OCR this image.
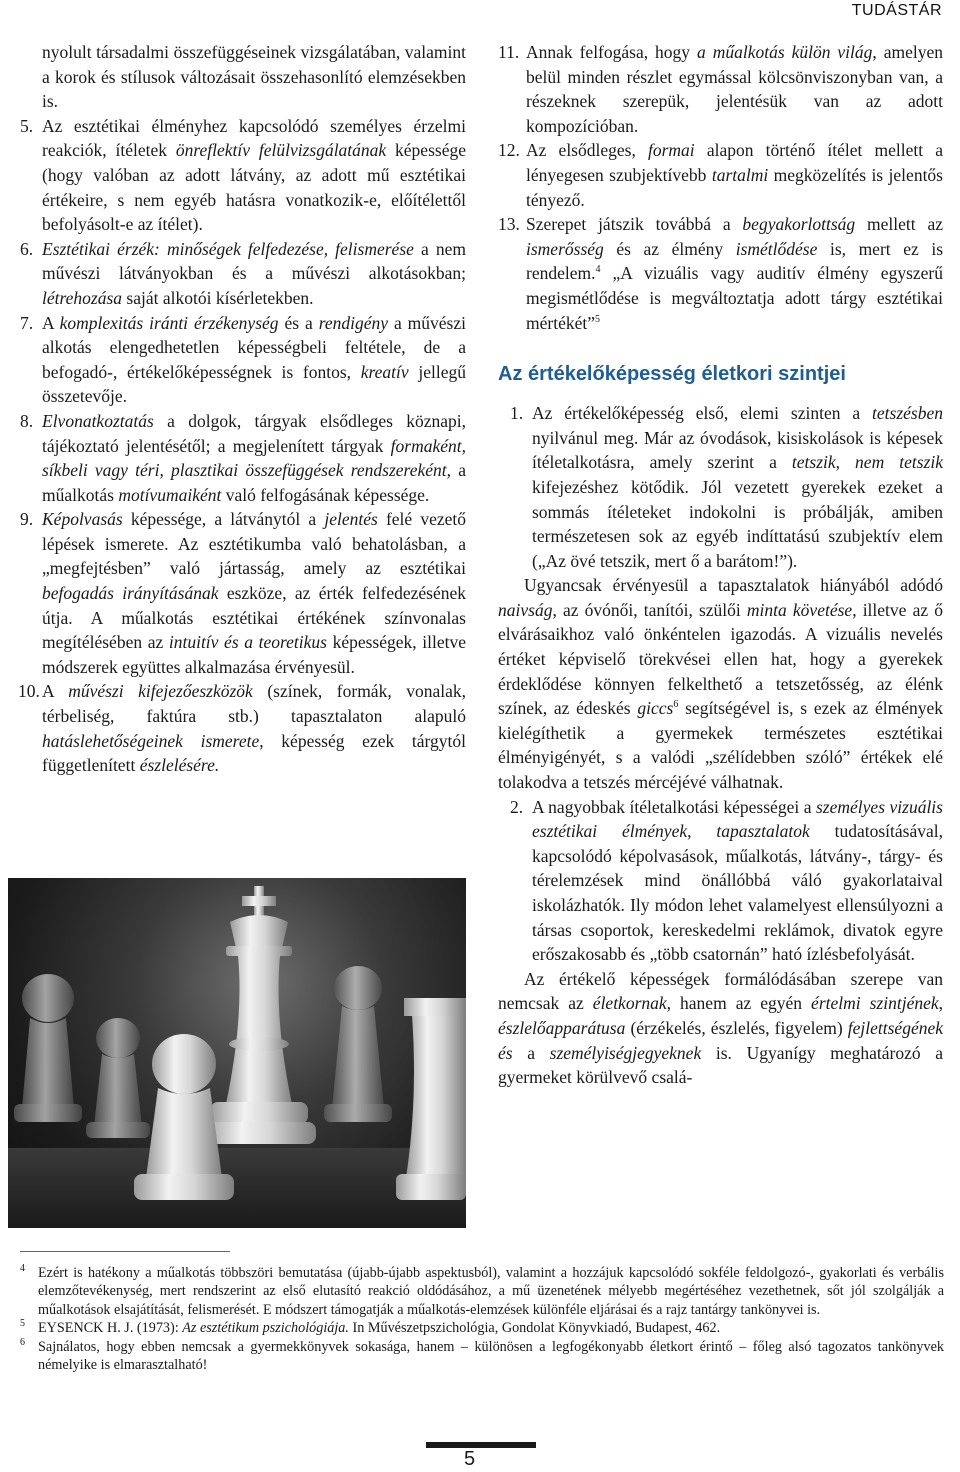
TUDÁSTÁR

nyolult társadalmi összefüggéseinek vizsgálatában, valamint a korok és stílusok változásait összehasonlító elemzésekben is.

5. Az esztétikai élményhez kapcsolódó személyes érzelmi reakciók, ítéletek önreflektív felülvizsgálatának képessége (hogy valóban az adott látvány, az adott mű esztétikai értékeire, s nem egyéb hatásra vonatkozik-e, előítélettől befolyásolt-e az ítélet).
6. Esztétikai érzék: minőségek felfedezése, felismerése a nem művészi látványokban és a művészi alkotásokban; létrehozása saját alkotói kísérletekben.
7. A komplexitás iránti érzékenység és a rendigény a művészi alkotás elengedhetetlen képességbeli feltétele, de a befogadó-, értékelőképességnek is fontos, kreatív jellegű összetevője.
8. Elvonatkoztatás a dolgok, tárgyak elsődleges köznapi, tájékoztató jelentésétől; a megjelenített tárgyak formaként, síkbeli vagy téri, plasztikai összefüggések rendszereként, a műalkotás motívumaiként való felfogásának képessége.
9. Képolvasás képessége, a látványtól a jelentés felé vezető lépések ismerete. Az esztétikumba való behatolásban, a „megfejtésben” való jártasság, amely az esztétikai befogadás irányításának eszköze, az érték felfedezésének útja. A műalkotás esztétikai értékének színvonalas megítélésében az intuitív és a teoretikus képességek, illetve módszerek együttes alkalmazása érvényesül.
10. A művészi kifejezőeszközök (színek, formák, vonalak, térbeliség, faktúra stb.) tapasztalaton alapuló hatáslehetőségeinek ismerete, képesség ezek tárgytól függetlenített észlelésére.
11. Annak felfogása, hogy a műalkotás külön világ, amelyen belül minden részlet egymással kölcsönviszonyban van, a részeknek szerepük, jelentésük van az adott kompozícióban.
12. Az elsődleges, formai alapon történő ítélet mellett a lényegesen szubjektívebb tartalmi megközelítés is jelentős tényező.
13. Szerepet játszik továbbá a begyakorlottság mellett az ismerősség és az élmény ismétlődése is, mert ez is rendelem.$^4$ „A vizuális vagy auditív élmény egyszerű megismétlődése is megváltoztatja adott tárgy esztétikai mértékét”$^5$
Az értékelőképesség életkori szintjei
1. Az értékelőképesség első, elemi szinten a tetszésben nyilvánul meg. Már az óvodások, kisiskolások is képesek ítéletalkotásra, amely szerint a tetszik, nem tetszik kifejezéshez kötődik. Jól vezetett gyerekek ezeket a sommás ítéleteket indokolni is próbálják, amiben természetesen sok az egyéb indíttatású szubjektív elem („Az övé tetszik, mert ő a barátom!”).

Ugyancsak érvényesül a tapasztalatok hiányából adódó naivság, az óvónői, tanítói, szülői minta követése, illetve az ő elvárásaikhoz való önkéntelen igazodás. A vizuális nevelés értéket képviselő törekvései ellen hat, hogy a gyerekek érdeklődése könnyen felkelthető a tetszetősség, az élénk színek, az édeskés giccs$^6$ segítségével is, s ezek az élmények kielégíthetik a gyermekek természetes esztétikai élményigényét, s a valódi „szélídebben szóló” értékek elé tolakodva a tetszés mércéjévé válhatnak.

2. A nagyobbak ítéletalkotási képességei a személyes vizuális esztétikai élmények, tapasztalatok tudatosításával, kapcsolódó képolvasások, műalkotás, látvány-, tárgy- és térelemzések mind önállóbbá váló gyakorlataival iskolázhatók. Ily módon lehet valamelyest ellensúlyozni a társas csoportok, kereskedelmi reklámok, divatok egyre erőszakosabb és „több csatornán” ható ízlésbefolyását.

Az értékelő képességek formálódásában szerepe van nemcsak az életkornak, hanem az egyén értelmi szintjének, észlelőapparátusa (érzékelés, észlelés, figyelem) fejlettségének és a személyiségjegyeknek is. Ugyanígy meghatározó a gyermeket körülvevő csalá-

4 Ezért is hatékony a műalkotás többszöri bemutatása (újabb-újabb aspektusból), valamint a hozzájuk kapcsolódó sokféle feldolgozó-, gyakorlati és verbális elemzőtevékenység, mert rendszerint az első elutasító reakció oldódásához, a mű üzenetének mélyebb megértéséhez vezethetnek, sőt jól szolgálják a műalkotások elsajátítását, felismerését. E módszert támogatják a műalkotás-elemzések különféle eljárásai és a rajz tantárgy tankönyvei is.

5 EYSENCK H. J. (1973): Az esztétikum pszichológiája. In Művészetpszichológia, Gondolat Könyvkiadó, Budapest, 462.

6 Sajnálatos, hogy ebben nemcsak a gyermekkönyvek sokasága, hanem – különösen a legfogékonyabb életkort érintő – főleg alsó tagozatos tankönyvek némelyike is elmarasztalható!

5
